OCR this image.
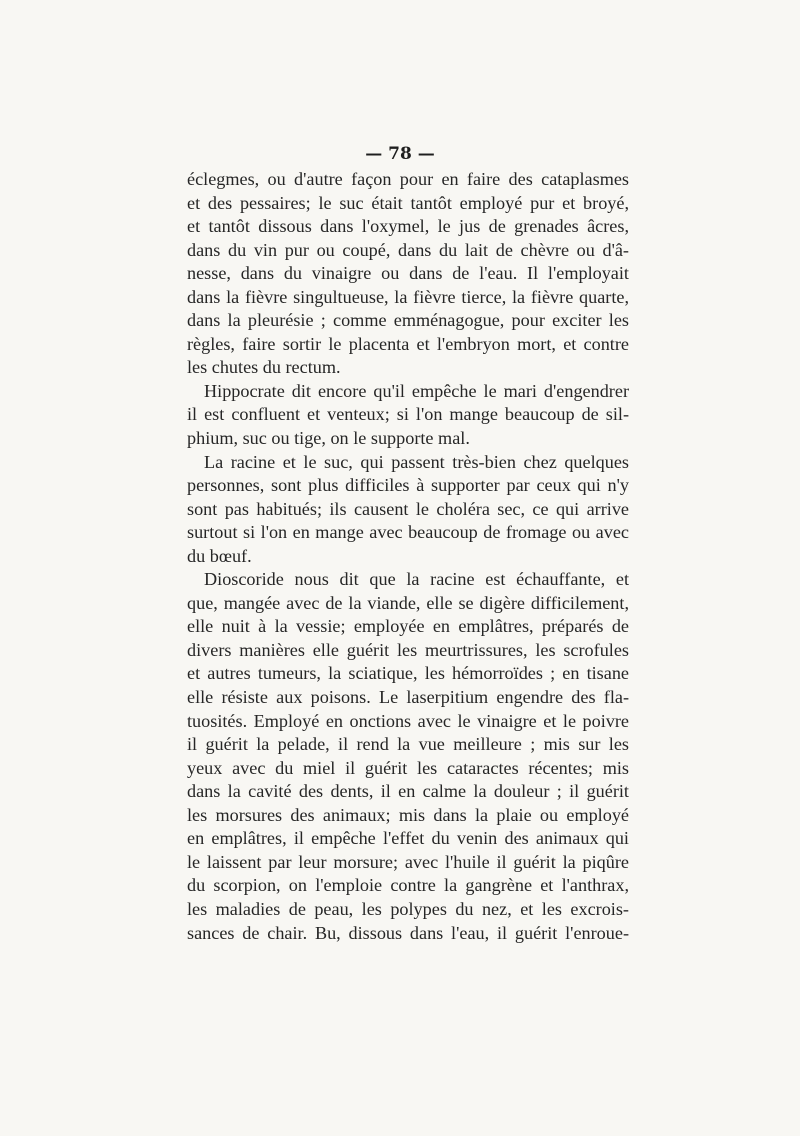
— 78 —
éclegmes, ou d'autre façon pour en faire des cataplasmes
et des pessaires; le suc était tantôt employé pur et broyé,
et tantôt dissous dans l'oxymel, le jus de grenades âcres,
dans du vin pur ou coupé, dans du lait de chèvre ou d'â-
nesse, dans du vinaigre ou dans de l'eau. Il l'employait
dans la fièvre singultueuse, la fièvre tierce, la fièvre quarte,
dans la pleurésie ; comme emménagogue, pour exciter les
règles, faire sortir le placenta et l'embryon mort, et contre
les chutes du rectum.
Hippocrate dit encore qu'il empêche le mari d'engendrer
il est confluent et venteux; si l'on mange beaucoup de sil-
phium, suc ou tige, on le supporte mal.
La racine et le suc, qui passent très-bien chez quelques
personnes, sont plus difficiles à supporter par ceux qui n'y
sont pas habitués; ils causent le choléra sec, ce qui arrive
surtout si l'on en mange avec beaucoup de fromage ou avec
du bœuf.
Dioscoride nous dit que la racine est échauffante, et
que, mangée avec de la viande, elle se digère difficilement,
elle nuit à la vessie; employée en emplâtres, préparés de
divers manières elle guérit les meurtrissures, les scrofules
et autres tumeurs, la sciatique, les hémorroïdes ; en tisane
elle résiste aux poisons. Le laserpitium engendre des fla-
tuosités. Employé en onctions avec le vinaigre et le poivre
il guérit la pelade, il rend la vue meilleure ; mis sur les
yeux avec du miel il guérit les cataractes récentes; mis
dans la cavité des dents, il en calme la douleur ; il guérit
les morsures des animaux; mis dans la plaie ou employé
en emplâtres, il empêche l'effet du venin des animaux qui
le laissent par leur morsure; avec l'huile il guérit la piqûre
du scorpion, on l'emploie contre la gangrène et l'anthrax,
les maladies de peau, les polypes du nez, et les excrois-
sances de chair. Bu, dissous dans l'eau, il guérit l'enroue-
